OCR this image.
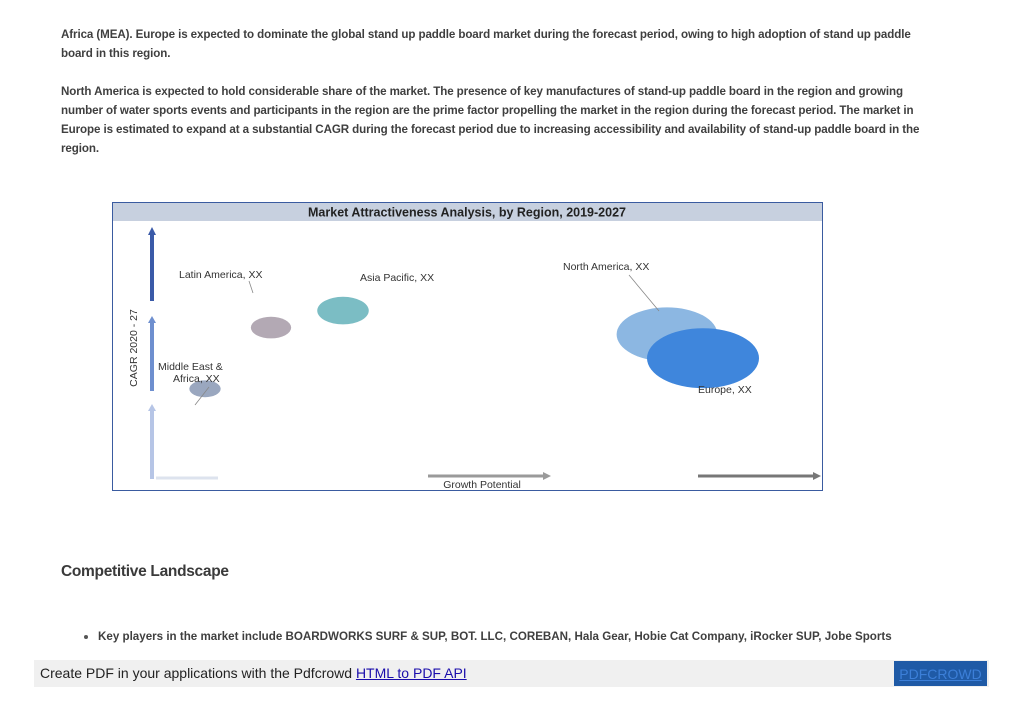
Africa (MEA). Europe is expected to dominate the global stand up paddle board market during the forecast period, owing to high adoption of stand up paddle board in this region.

North America is expected to hold considerable share of the market. The presence of key manufactures of stand-up paddle board in the region and growing number of water sports events and participants in the region are the prime factor propelling the market in the region during the forecast period. The market in Europe is estimated to expand at a substantial CAGR during the forecast period due to increasing accessibility and availability of stand-up paddle board in the region.

Market Attractiveness Analysis, by Region, 2019-2027
CAGR 2020 - 27
Growth Potential
Latin America, XX	Asia Pacific, XX
North America, XX
Europe, XX
Middle East & Africa, XX
Competitive Landscape
Key players in the market include BOARDWORKS SURF & SUP, BOT. LLC, COREBAN, Hala Gear, Hobie Cat Company, iRocker SUP, Jobe Sports
Create PDF in your applications with the Pdfcrowd HTML to PDF API	PDFCROWD
